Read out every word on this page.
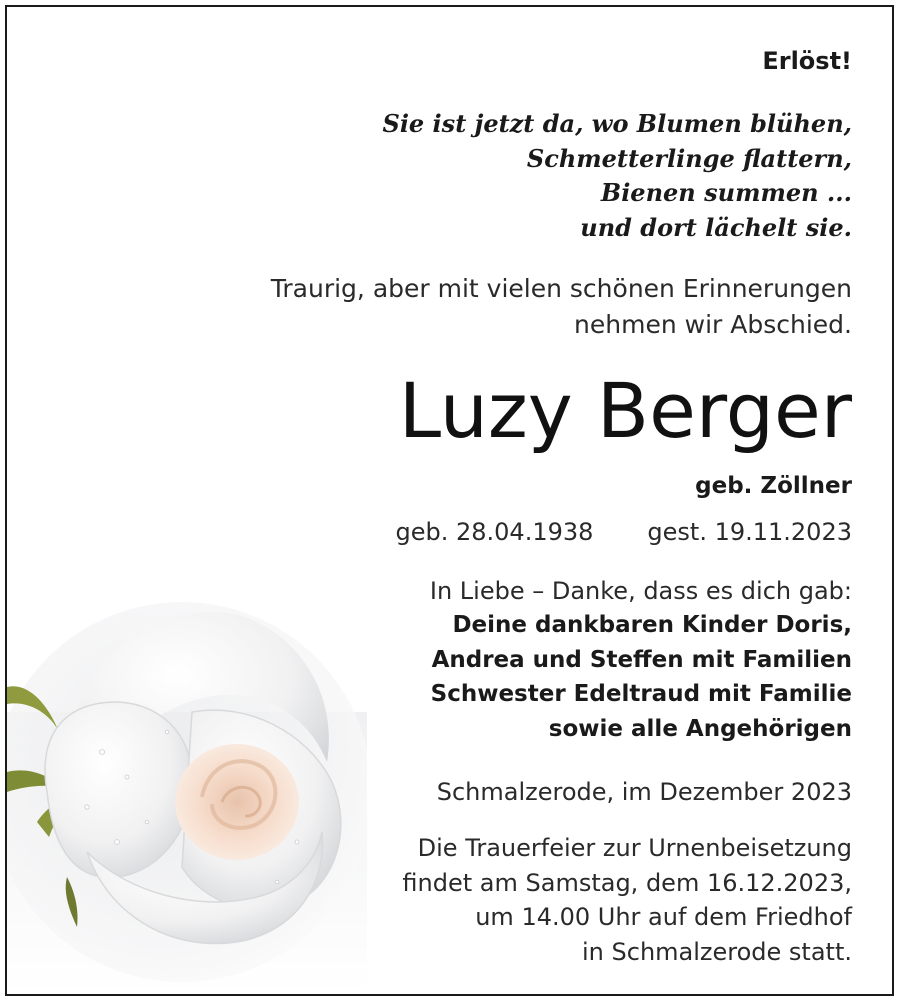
Erlöst!
Sie ist jetzt da, wo Blumen blühen,
Schmetterlinge flattern,
Bienen summen ...
und dort lächelt sie.
Traurig, aber mit vielen schönen Erinnerungen
nehmen wir Abschied.
Luzy Berger
geb. Zöllner
geb. 28.04.1938 gest. 19.11.2023
In Liebe – Danke, dass es dich gab:
Deine dankbaren Kinder Doris,
Andrea und Steffen mit Familien
Schwester Edeltraud mit Familie
sowie alle Angehörigen
Schmalzerode, im Dezember 2023
Die Trauerfeier zur Urnenbeisetzung
findet am Samstag, dem 16.12.2023,
um 14.00 Uhr auf dem Friedhof
in Schmalzerode statt.
